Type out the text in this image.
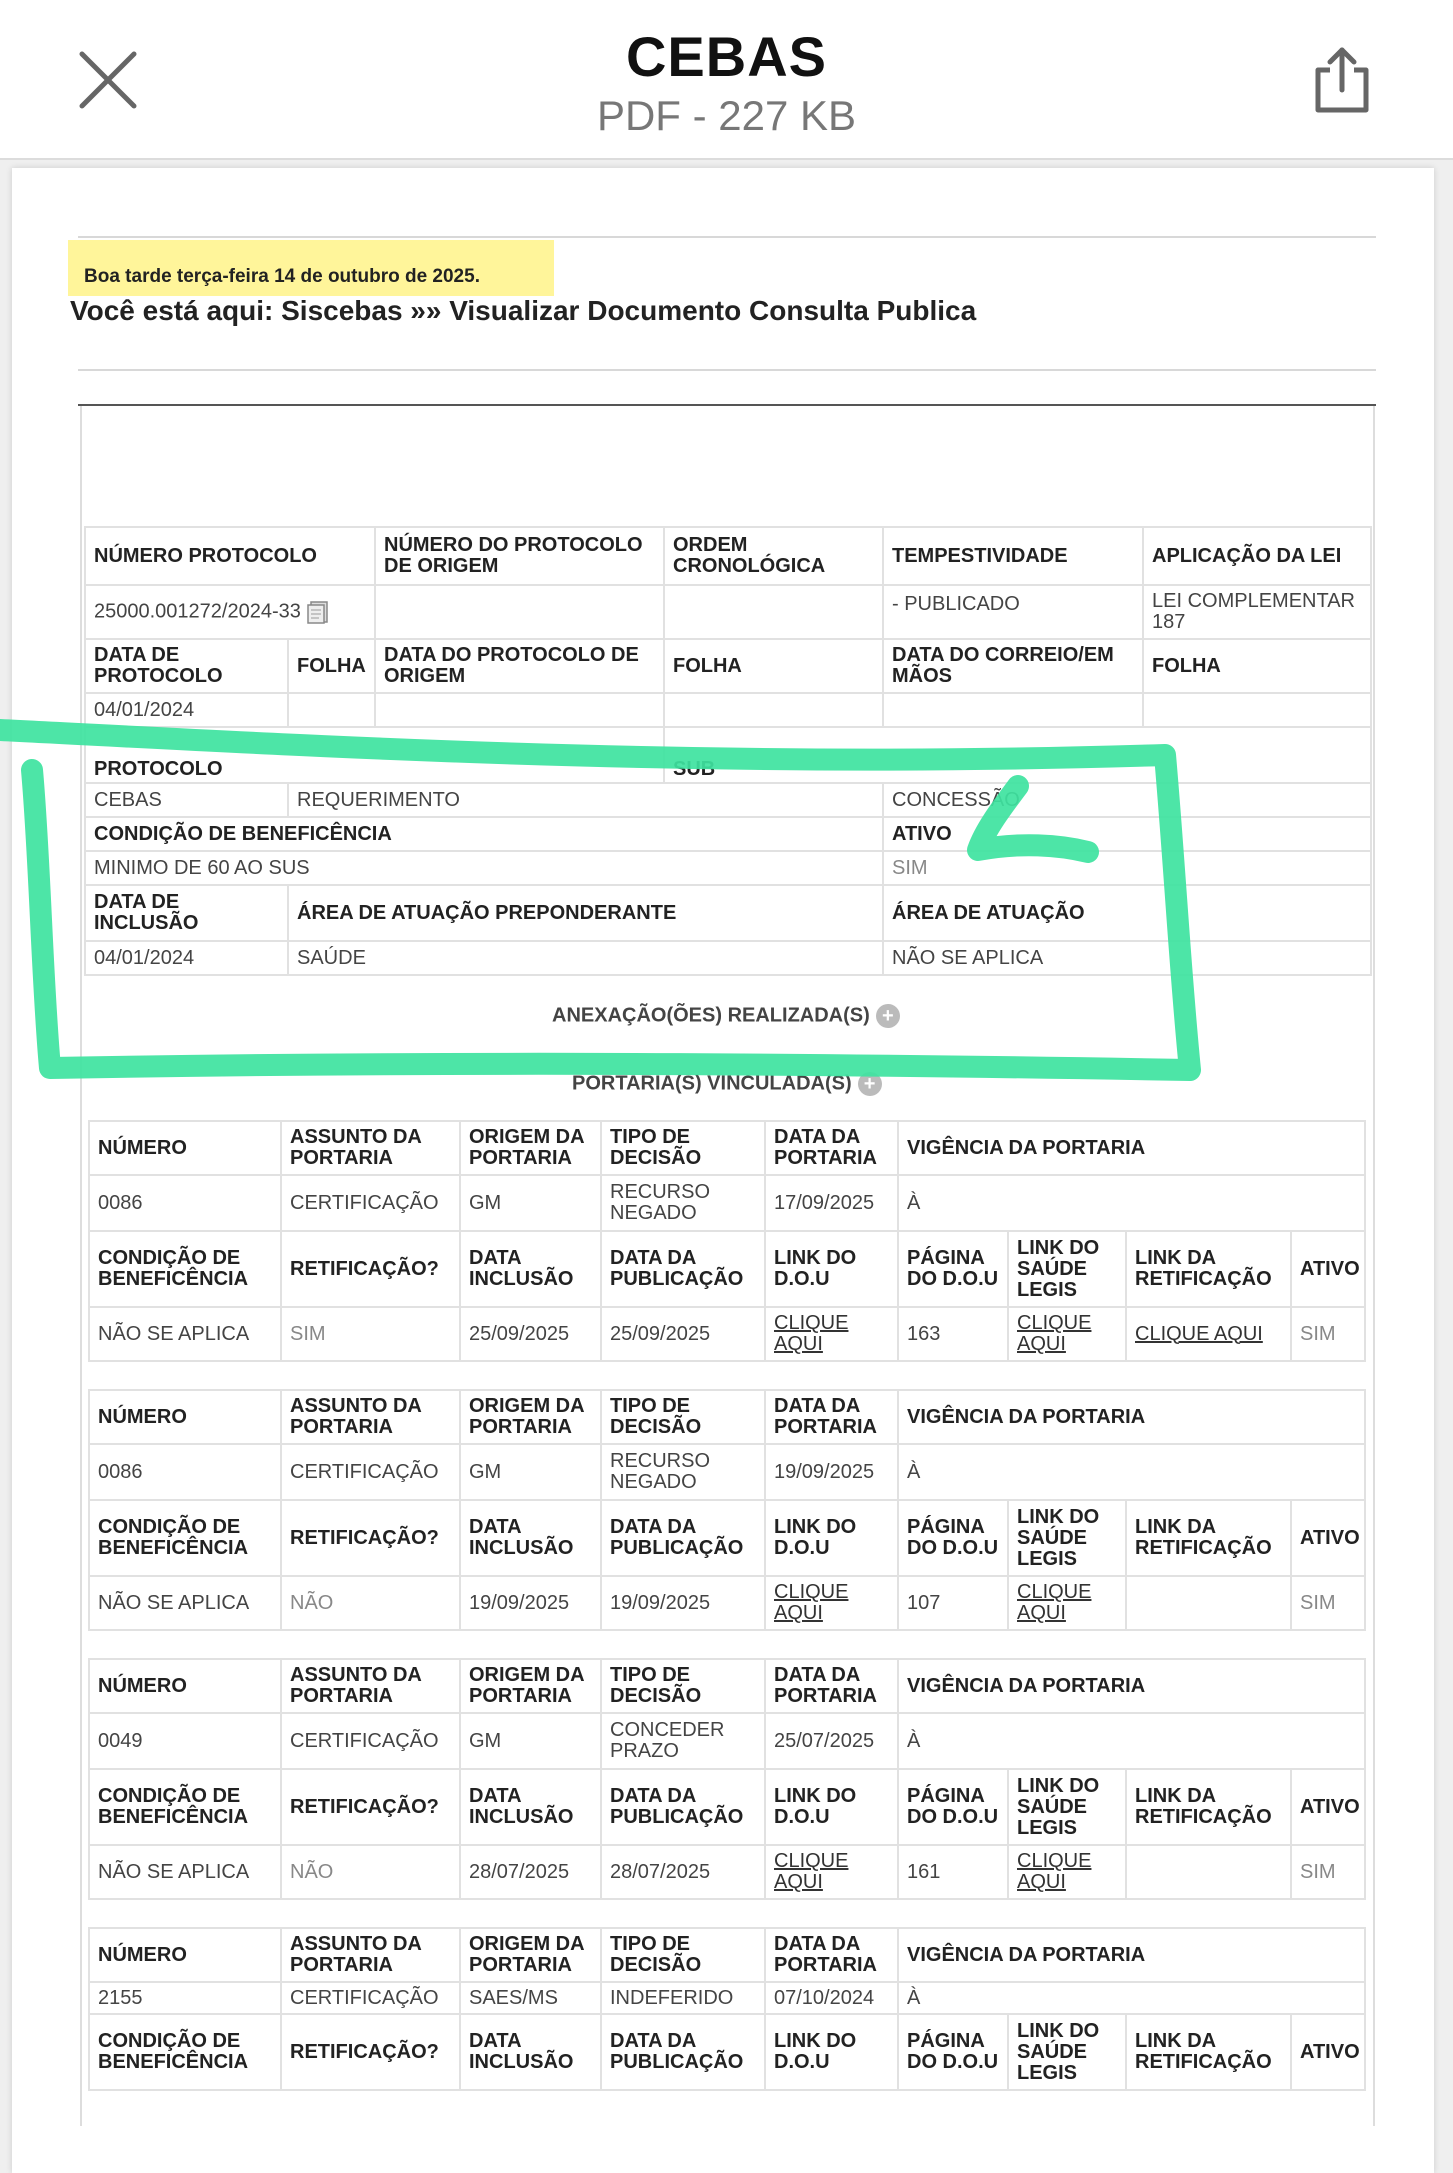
CEBAS
PDF - 227 KB
Boa tarde terça-feira 14 de outubro de 2025.
Você está aqui: Siscebas »» Visualizar Documento Consulta Publica
NÚMERO PROTOCOLO		NÚMERO DO PROTOCOLO DE ORIGEM	ORDEM CRONOLÓGICA	TEMPESTIVIDADE	APLICAÇÃO DA LEI
25000.001272/2024-33				- PUBLICADO	LEI COMPLEMENTAR 187
DATA DE PROTOCOLO	FOLHA	DATA DO PROTOCOLO DE ORIGEM	FOLHA	DATA DO CORREIO/EM MÃOS	FOLHA
04/01/2024					
PROTOCOLO			SUB		
CEBAS	REQUERIMENTO			CONCESSÃO	
CONDIÇÃO DE BENEFICÊNCIA				ATIVO	
MINIMO DE 60 AO SUS				SIM	
DATA DE INCLUSÃO	ÁREA DE ATUAÇÃO PREPONDERANTE			ÁREA DE ATUAÇÃO	
04/01/2024	SAÚDE			NÃO SE APLICA	
ANEXAÇÃO(ÕES) REALIZADA(S) +
PORTARIA(S) VINCULADA(S) +
NÚMERO	ASSUNTO DA PORTARIA	ORIGEM DA PORTARIA	TIPO DE DECISÃO	DATA DA PORTARIA	VIGÊNCIA DA PORTARIA			
0086	CERTIFICAÇÃO	GM	RECURSO NEGADO	17/09/2025	À			
CONDIÇÃO DE BENEFICÊNCIA	RETIFICAÇÃO?	DATA INCLUSÃO	DATA DA PUBLICAÇÃO	LINK DO D.O.U	PÁGINA DO D.O.U	LINK DO SAÚDE LEGIS	LINK DA RETIFICAÇÃO	ATIVO
NÃO SE APLICA	SIM	25/09/2025	25/09/2025	CLIQUE AQUI	163	CLIQUE AQUI	CLIQUE AQUI	SIM
NÚMERO	ASSUNTO DA PORTARIA	ORIGEM DA PORTARIA	TIPO DE DECISÃO	DATA DA PORTARIA	VIGÊNCIA DA PORTARIA			
0086	CERTIFICAÇÃO	GM	RECURSO NEGADO	19/09/2025	À			
CONDIÇÃO DE BENEFICÊNCIA	RETIFICAÇÃO?	DATA INCLUSÃO	DATA DA PUBLICAÇÃO	LINK DO D.O.U	PÁGINA DO D.O.U	LINK DO SAÚDE LEGIS	LINK DA RETIFICAÇÃO	ATIVO
NÃO SE APLICA	NÃO	19/09/2025	19/09/2025	CLIQUE AQUI	107	CLIQUE AQUI		SIM
NÚMERO	ASSUNTO DA PORTARIA	ORIGEM DA PORTARIA	TIPO DE DECISÃO	DATA DA PORTARIA	VIGÊNCIA DA PORTARIA			
0049	CERTIFICAÇÃO	GM	CONCEDER PRAZO	25/07/2025	À			
CONDIÇÃO DE BENEFICÊNCIA	RETIFICAÇÃO?	DATA INCLUSÃO	DATA DA PUBLICAÇÃO	LINK DO D.O.U	PÁGINA DO D.O.U	LINK DO SAÚDE LEGIS	LINK DA RETIFICAÇÃO	ATIVO
NÃO SE APLICA	NÃO	28/07/2025	28/07/2025	CLIQUE AQUI	161	CLIQUE AQUI		SIM
NÚMERO	ASSUNTO DA PORTARIA	ORIGEM DA PORTARIA	TIPO DE DECISÃO	DATA DA PORTARIA	VIGÊNCIA DA PORTARIA			
2155	CERTIFICAÇÃO	SAES/MS	INDEFERIDO	07/10/2024	À			
CONDIÇÃO DE BENEFICÊNCIA	RETIFICAÇÃO?	DATA INCLUSÃO	DATA DA PUBLICAÇÃO	LINK DO D.O.U	PÁGINA DO D.O.U	LINK DO SAÚDE LEGIS	LINK DA RETIFICAÇÃO	ATIVO
